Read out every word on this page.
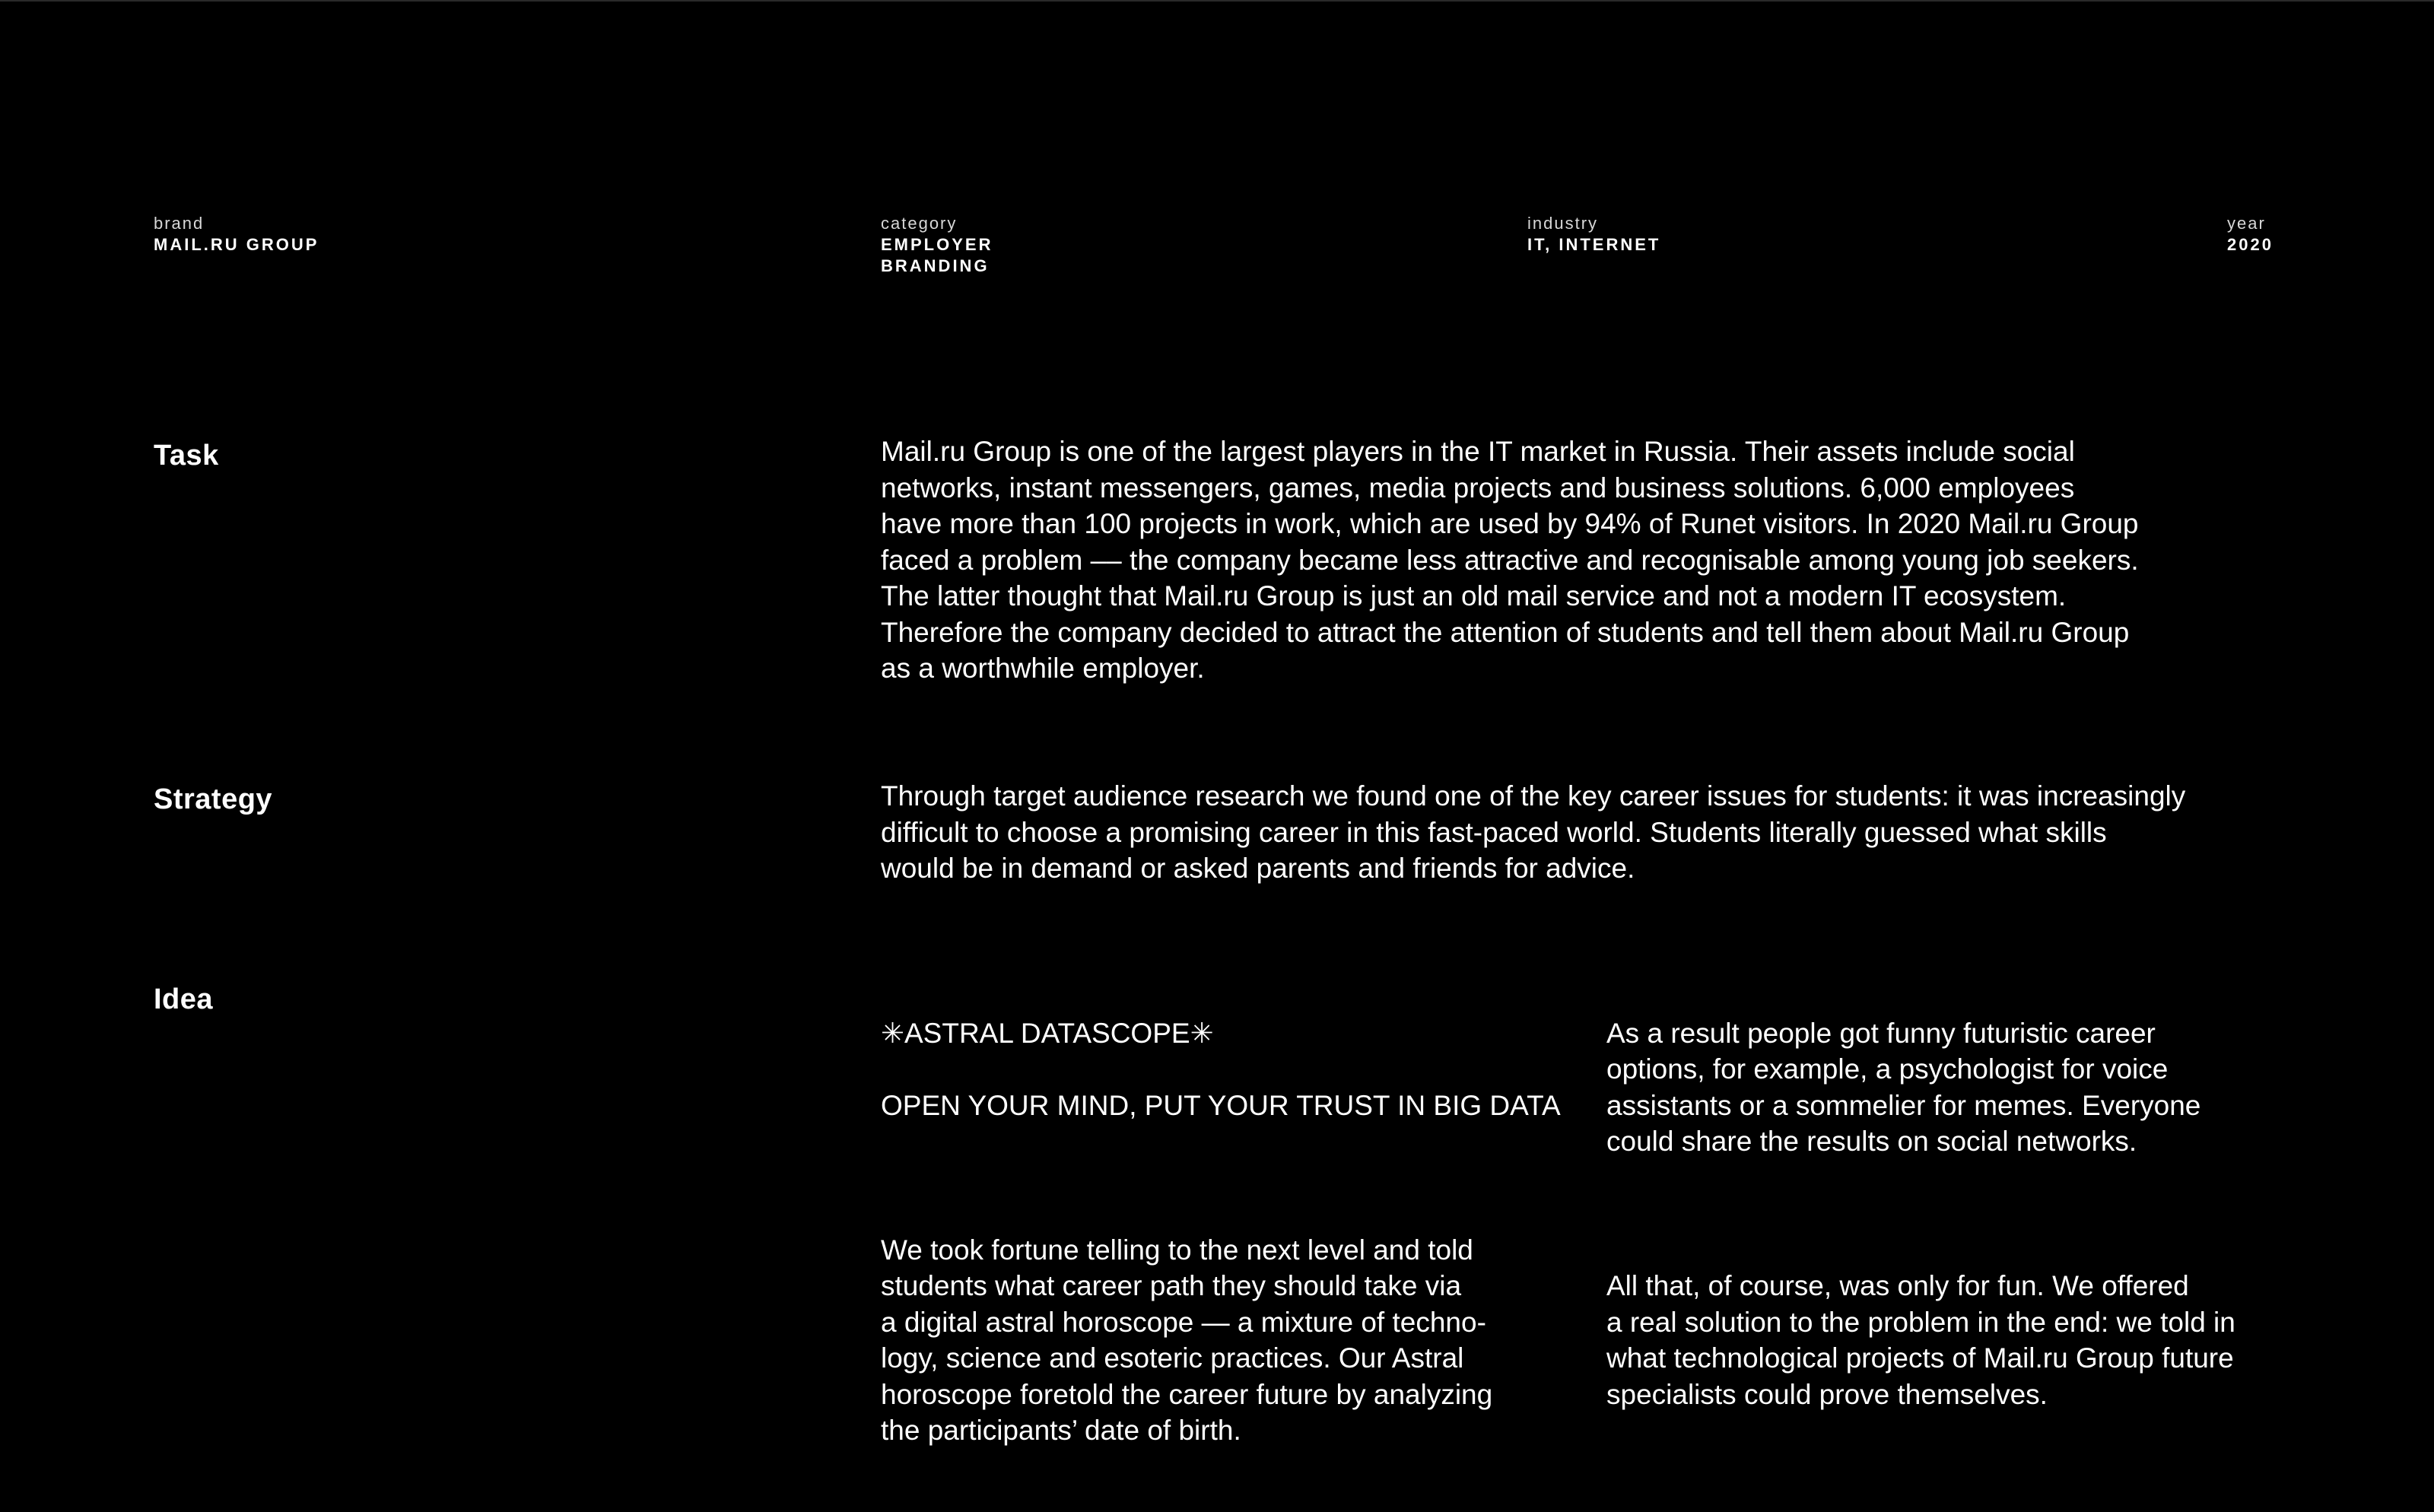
brand
MAIL.RU GROUP
category
EMPLOYER
BRANDING
industry
IT, INTERNET
year
2020
Task	Mail.ru Group is one of the largest players in the IT market in Russia. Their assets include social
networks, instant messengers, games, media projects and business solutions. 6,000 employees
have more than 100 projects in work, which are used by 94% of Runet visitors. In 2020 Mail.ru Group
faced a problem –– the company became less attractive and recognisable among young job seekers.
The latter thought that Mail.ru Group is just an old mail service and not a modern IT ecosystem.
Therefore the company decided to attract the attention of students and tell them about Mail.ru Group
as a worthwhile employer.
Strategy	Through target audience research we found one of the key career issues for students: it was increasingly
difficult to choose a promising career in this fast-paced world. Students literally guessed what skills
would be in demand or asked parents and friends for advice.
Idea

✳ASTRAL DATASCOPE✳

OPEN YOUR MIND, PUT YOUR TRUST IN BIG DATA

We took fortune telling to the next level and told
students what career path they should take via
a digital astral horoscope — a mixture of techno-
logy, science and esoteric practices. Our Astral
horoscope foretold the career future by analyzing
the participants’ date of birth.

As a result people got funny futuristic career
options, for example, a psychologist for voice
assistants or a sommelier for memes. Everyone
could share the results on social networks.

All that, of course, was only for fun. We offered
a real solution to the problem in the end: we told in
what technological projects of Mail.ru Group future
specialists could prove themselves.
